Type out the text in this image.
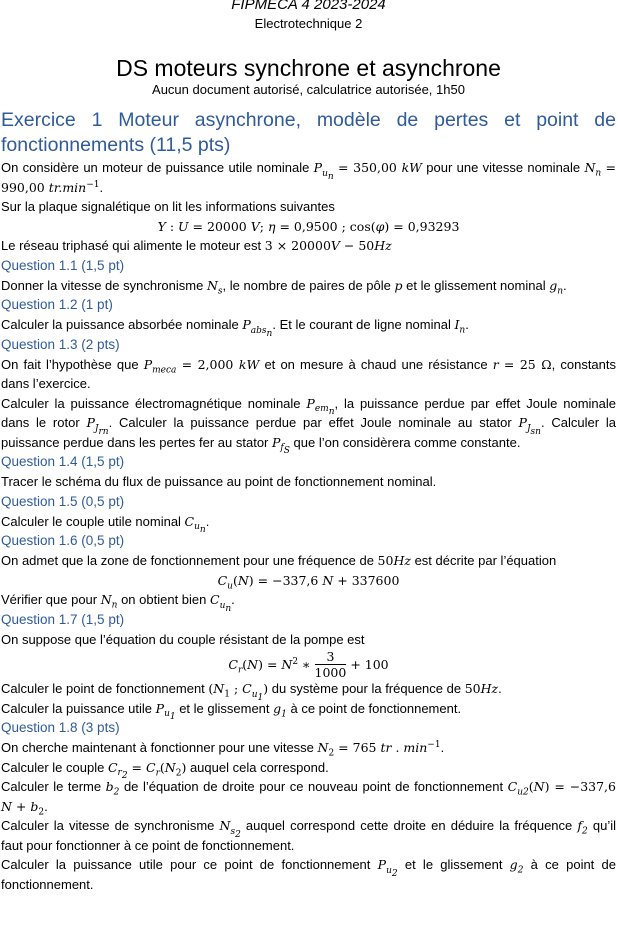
FIPMECA 4 2023-2024
Electrotechnique 2
DS moteurs synchrone et asynchrone
Aucun document autorisé, calculatrice autorisée, 1h50
Exercice 1 Moteur asynchrone, modèle de pertes et point de fonctionnements (11,5 pts)

On considère un moteur de puissance utile nominale $P_{u_n} = 350,00$ kW pour une vitesse nominale $N_n = 990,00$ $tr.\min^{-1}$.

Sur la plaque signalétique on lit les informations suivantes

Y : U = 20000 V; η = 0,9500 ; cos(φ) = 0,93293

Le réseau triphasé qui alimente le moteur est 3 × 20000V − 50Hz

Question 1.1 (1,5 pt)

Donner la vitesse de synchronisme $N_s$, le nombre de paires de pôle p et le glissement nominal $g_n$.

Question 1.2 (1 pt)

Calculer la puissance absorbée nominale $P_{abs_n}$. Et le courant de ligne nominal $I_n$.

Question 1.3 (2 pts)

On fait l’hypothèse que $P_{meca} = 2,000$ kW et on mesure à chaud une résistance r = 25 Ω, constants dans l’exercice.

Calculer la puissance électromagnétique nominale $P_{em_n}$, la puissance perdue par effet Joule nominale dans le rotor $P_{J_{rn}}$. Calculer la puissance perdue par effet Joule nominale au stator $P_{J_{sn}}$. Calculer la puissance perdue dans les pertes fer au stator $P_{f_S}$ que l’on considèrera comme constante.

Question 1.4 (1,5 pt)

Tracer le schéma du flux de puissance au point de fonctionnement nominal.

Question 1.5 (0,5 pt)

Calculer le couple utile nominal $C_{u_n}$.

Question 1.6 (0,5 pt)

On admet que la zone de fonctionnement pour une fréquence de 50Hz est décrite par l’équation

$C_u(N) = -337,6$ N + 337600

Vérifier que pour $N_n$ on obtient bien $C_{u_n}$.

Question 1.7 (1,5 pt)

On suppose que l’équation du couple résistant de la pompe est

$C_r(N) = N^2$ ∗ $\frac{3}{1000} + 100$

Calculer le point de fonctionnement ($N_1$ ; $C_{u_1}$) du système pour la fréquence de 50Hz.

Calculer la puissance utile $P_{u_1}$ et le glissement $g_1$ à ce point de fonctionnement.

Question 1.8 (3 pts)

On cherche maintenant à fonctionner pour une vitesse $N_2 = 765$ tr . $\min^{-1}$.

Calculer le couple $C_{r_2} = C_r(N_2)$ auquel cela correspond.

Calculer le terme $b_2$ de l’équation de droite pour ce nouveau point de fonctionnement $C_{u2}(N) = -337,6$ $N + b_2$.

Calculer la vitesse de synchronisme $N_{s_2}$ auquel correspond cette droite en déduire la fréquence $f_2$ qu’il faut pour fonctionner à ce point de fonctionnement.

Calculer la puissance utile pour ce point de fonctionnement $P_{u_2}$ et le glissement $g_2$ à ce point de fonctionnement.
